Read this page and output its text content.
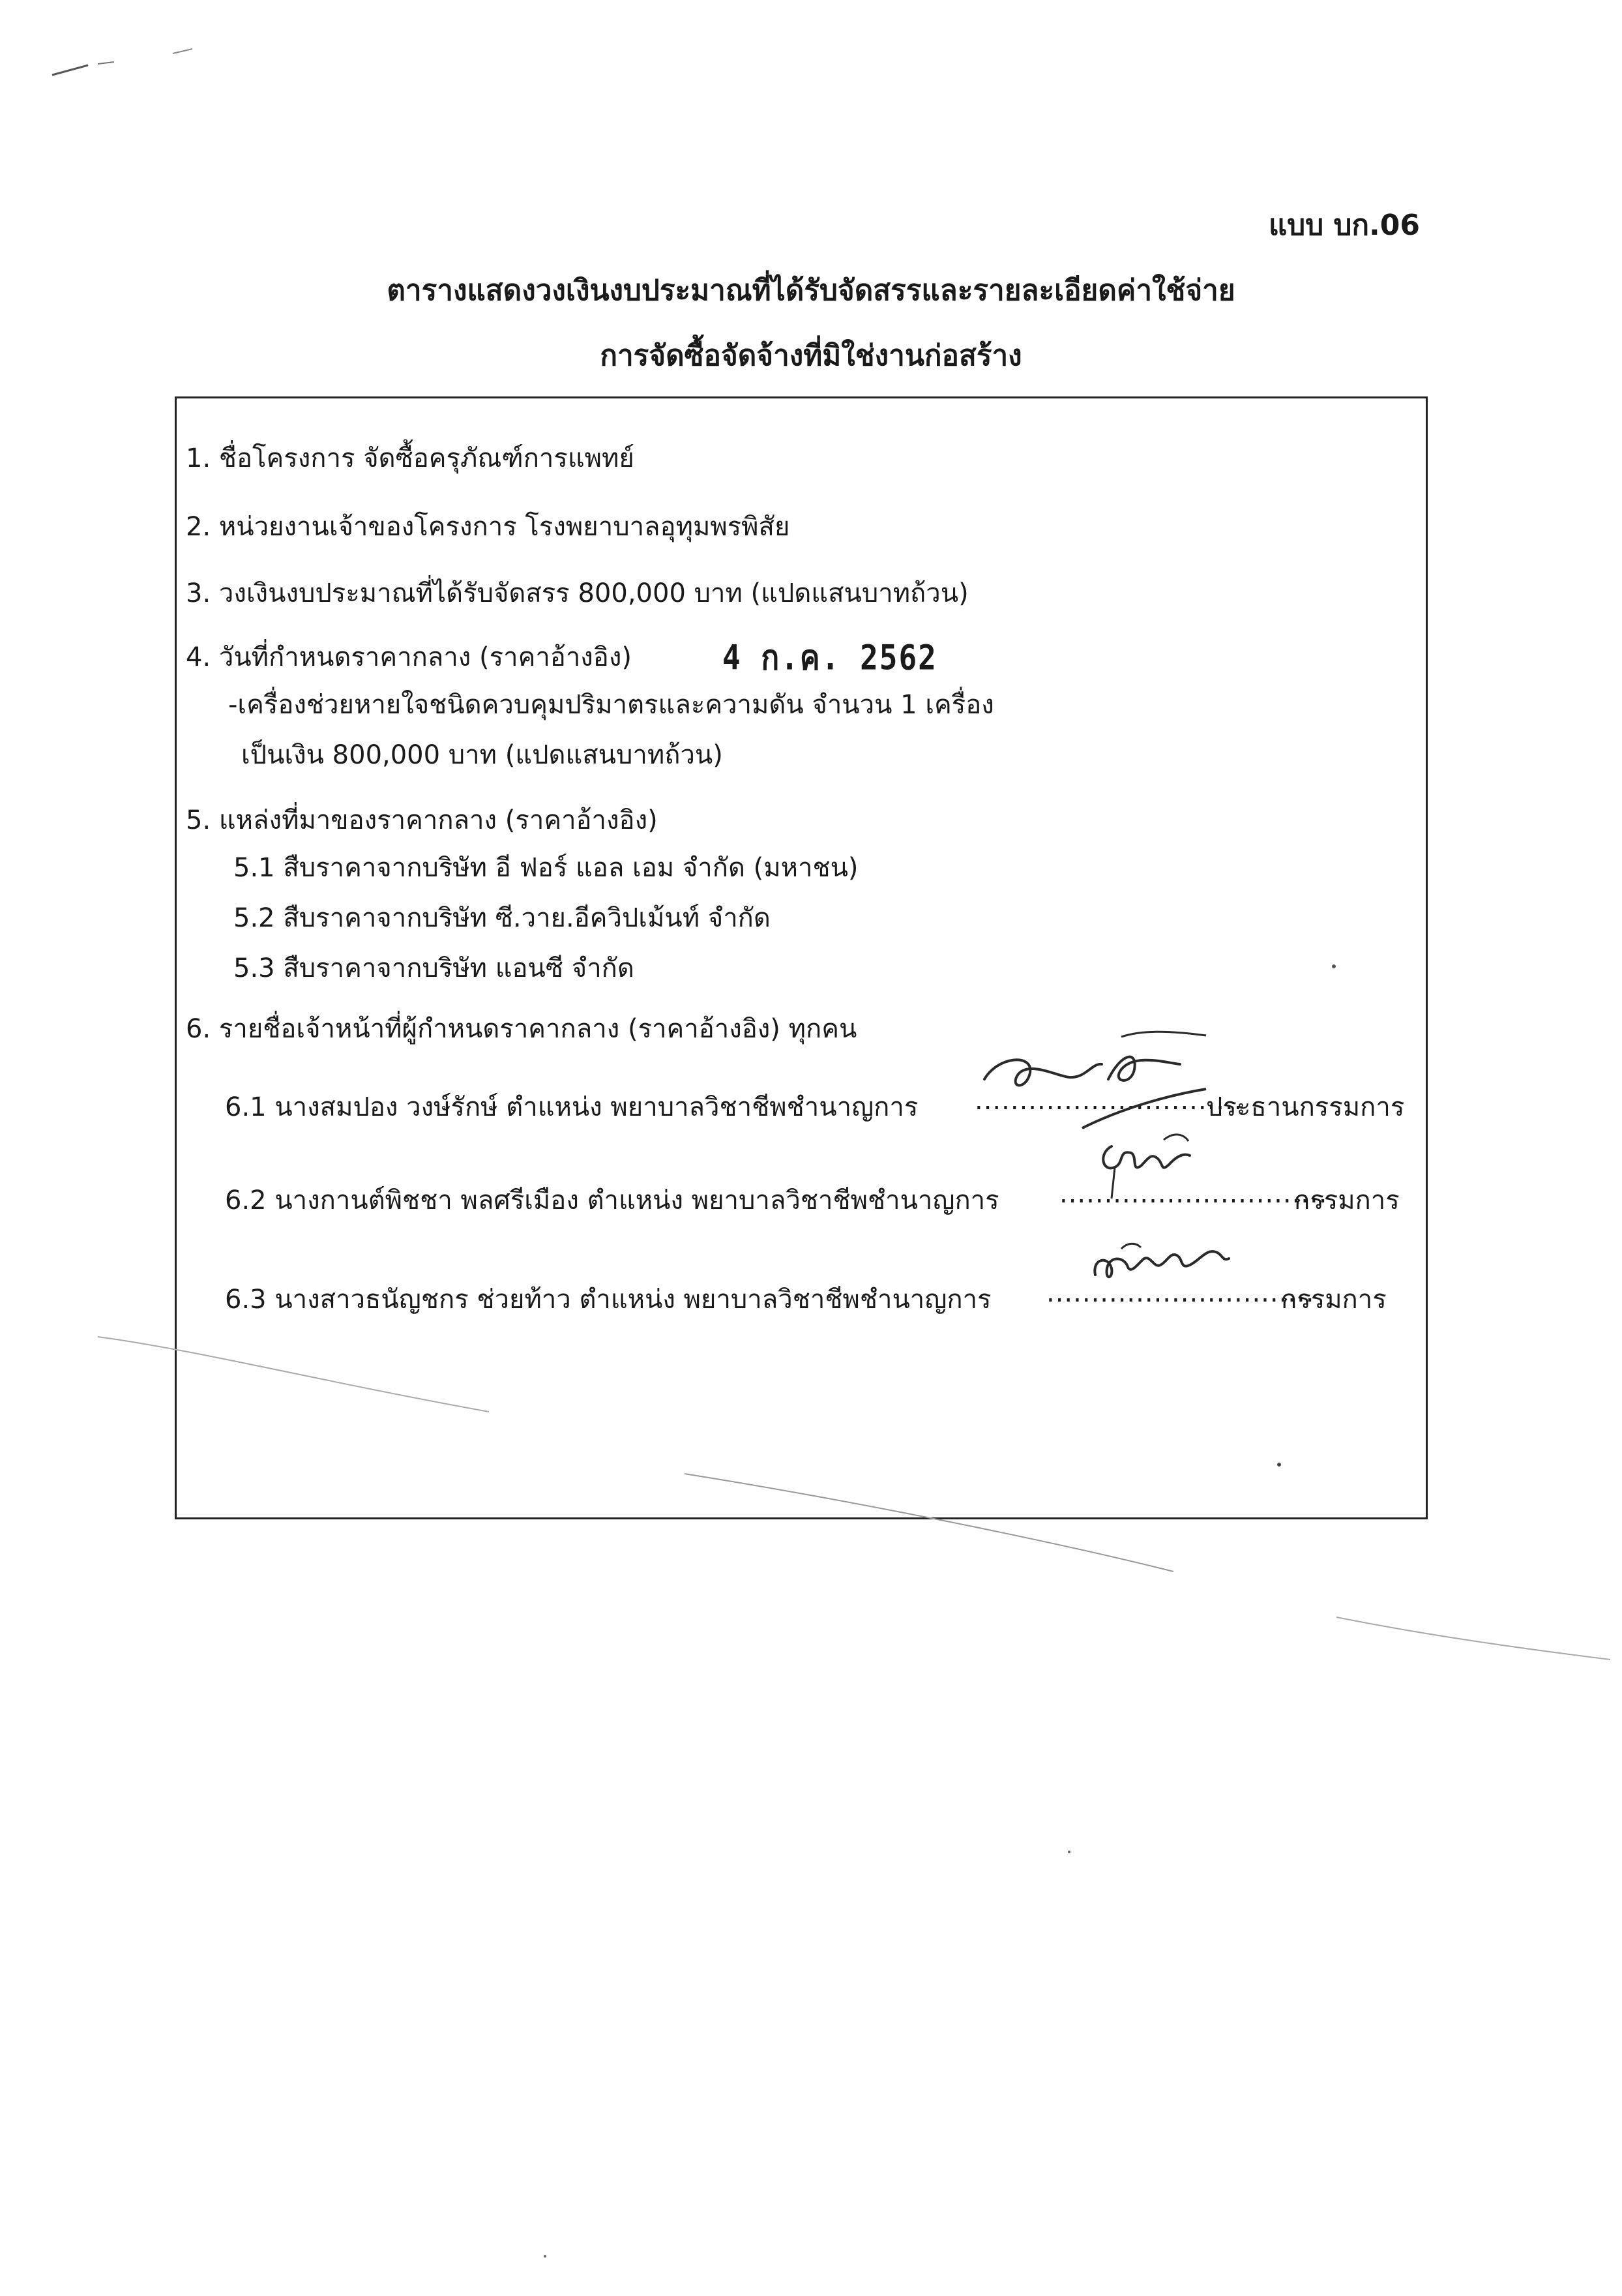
แบบ บก.06
ตารางแสดงวงเงินงบประมาณที่ได้รับจัดสรรและรายละเอียดค่าใช้จ่าย
การจัดซื้อจัดจ้างที่มิใช่งานก่อสร้าง
1. ชื่อโครงการ จัดซื้อครุภัณฑ์การแพทย์
2. หน่วยงานเจ้าของโครงการ โรงพยาบาลอุทุมพรพิสัย
3. วงเงินงบประมาณที่ได้รับจัดสรร 800,000 บาท (แปดแสนบาทถ้วน)
4. วันที่กำหนดราคากลาง (ราคาอ้างอิง)	4 ก.ค. 2562
-เครื่องช่วยหายใจชนิดควบคุมปริมาตรและความดัน จำนวน 1 เครื่อง
เป็นเงิน 800,000 บาท (แปดแสนบาทถ้วน)
5. แหล่งที่มาของราคากลาง (ราคาอ้างอิง)
5.1 สืบราคาจากบริษัท อี ฟอร์ แอล เอม จำกัด (มหาชน)
5.2 สืบราคาจากบริษัท ซี.วาย.อีควิปเม้นท์ จำกัด
5.3 สืบราคาจากบริษัท แอนซี จำกัด
6. รายชื่อเจ้าหน้าที่ผู้กำหนดราคากลาง (ราคาอ้างอิง) ทุกคน
6.1 นางสมปอง วงษ์รักษ์ ตำแหน่ง พยาบาลวิชาชีพชำนาญการ ..............................
ประธานกรรมการ
6.2 นางกานต์พิชชา พลศรีเมือง ตำแหน่ง พยาบาลวิชาชีพชำนาญการ ..............................
กรรมการ
6.3 นางสาวธนัญชกร ช่วยท้าว ตำแหน่ง พยาบาลวิชาชีพชำนาญการ ..............................
กรรมการ
